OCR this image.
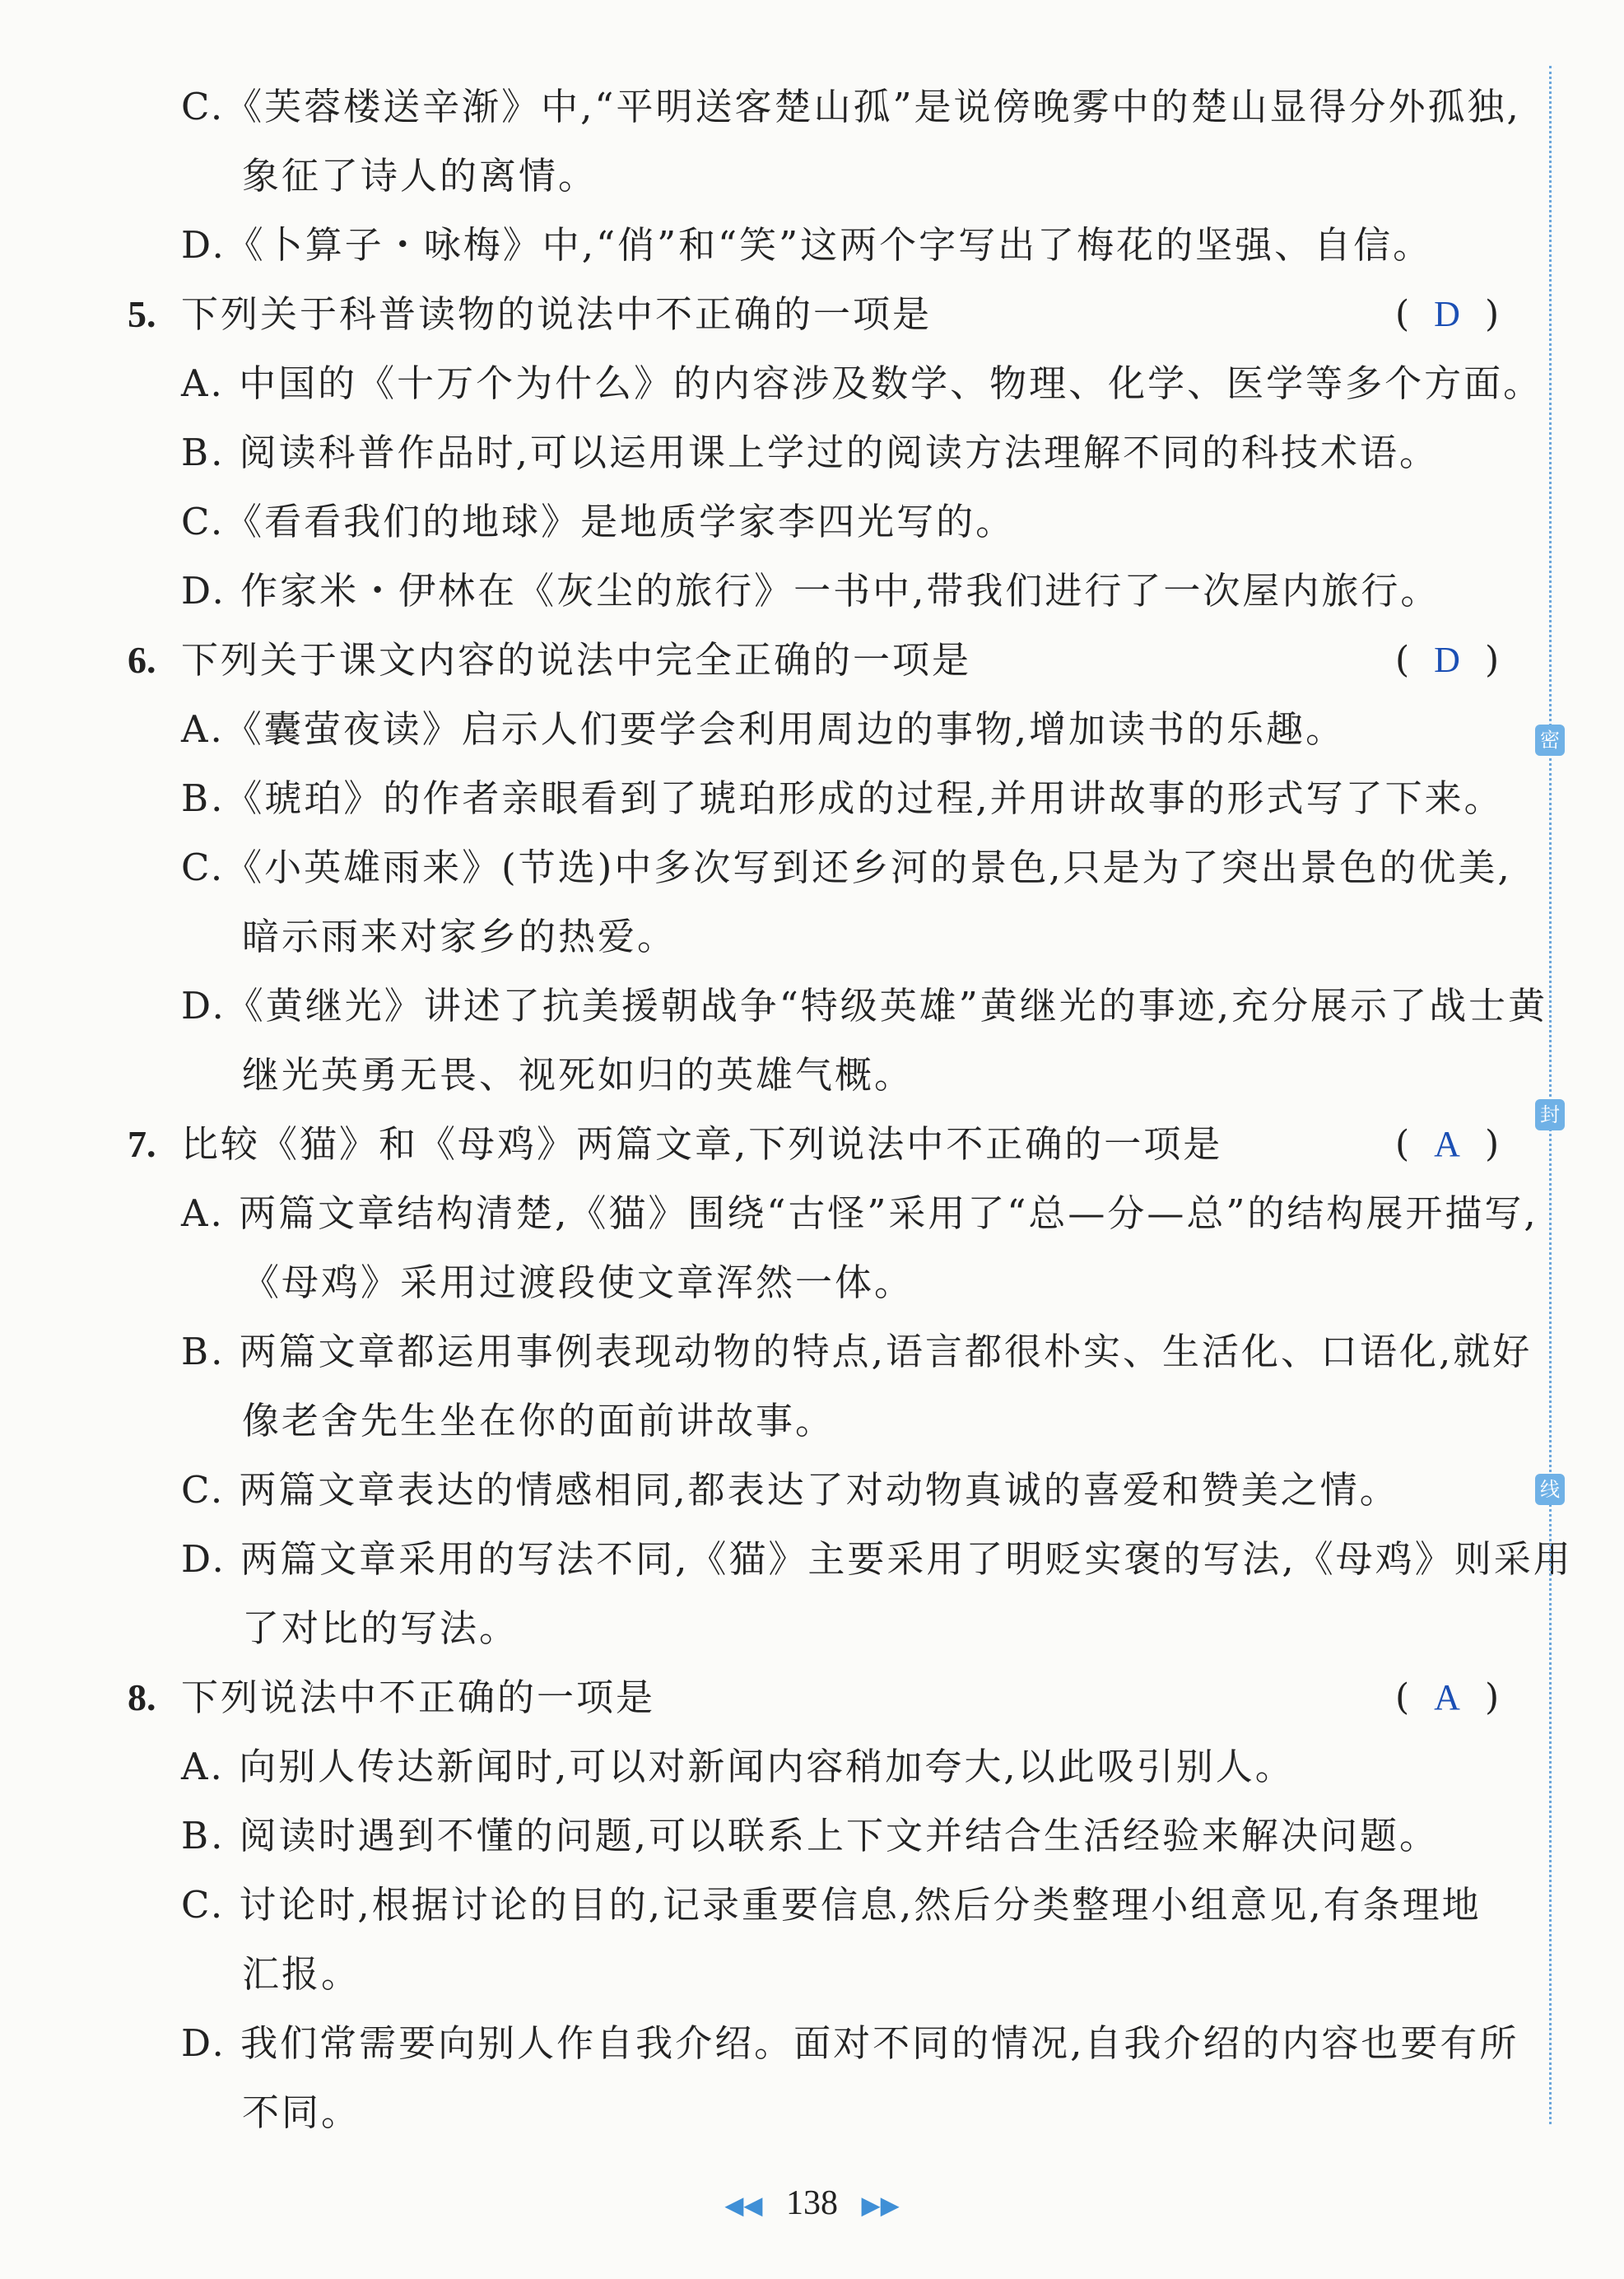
C.《芙蓉楼送辛渐》中,“平明送客楚山孤”是说傍晚雾中的楚山显得分外孤独,
象征了诗人的离情。
D.《卜算子・咏梅》中,“俏”和“笑”这两个字写出了梅花的坚强、自信。
5. 下列关于科普读物的说法中不正确的一项是	( D )
A. 中国的《十万个为什么》的内容涉及数学、物理、化学、医学等多个方面。
B. 阅读科普作品时,可以运用课上学过的阅读方法理解不同的科技术语。
C.《看看我们的地球》是地质学家李四光写的。
D. 作家米・伊林在《灰尘的旅行》一书中,带我们进行了一次屋内旅行。
6. 下列关于课文内容的说法中完全正确的一项是	( D )
A.《囊萤夜读》启示人们要学会利用周边的事物,增加读书的乐趣。
B.《琥珀》的作者亲眼看到了琥珀形成的过程,并用讲故事的形式写了下来。
C.《小英雄雨来》(节选)中多次写到还乡河的景色,只是为了突出景色的优美,
暗示雨来对家乡的热爱。
D.《黄继光》讲述了抗美援朝战争“特级英雄”黄继光的事迹,充分展示了战士黄
继光英勇无畏、视死如归的英雄气概。
7. 比较《猫》和《母鸡》两篇文章,下列说法中不正确的一项是	( A )
A. 两篇文章结构清楚,《猫》围绕“古怪”采用了“总—分—总”的结构展开描写,
《母鸡》采用过渡段使文章浑然一体。
B. 两篇文章都运用事例表现动物的特点,语言都很朴实、生活化、口语化,就好
像老舍先生坐在你的面前讲故事。
C. 两篇文章表达的情感相同,都表达了对动物真诚的喜爱和赞美之情。
D. 两篇文章采用的写法不同,《猫》主要采用了明贬实褒的写法,《母鸡》则采用
了对比的写法。
8. 下列说法中不正确的一项是	( A )
A. 向别人传达新闻时,可以对新闻内容稍加夸大,以此吸引别人。
B. 阅读时遇到不懂的问题,可以联系上下文并结合生活经验来解决问题。
C. 讨论时,根据讨论的目的,记录重要信息,然后分类整理小组意见,有条理地
汇报。
D. 我们常需要向别人作自我介绍。面对不同的情况,自我介绍的内容也要有所
不同。
密
封
线
◀◀ 138 ▶▶
